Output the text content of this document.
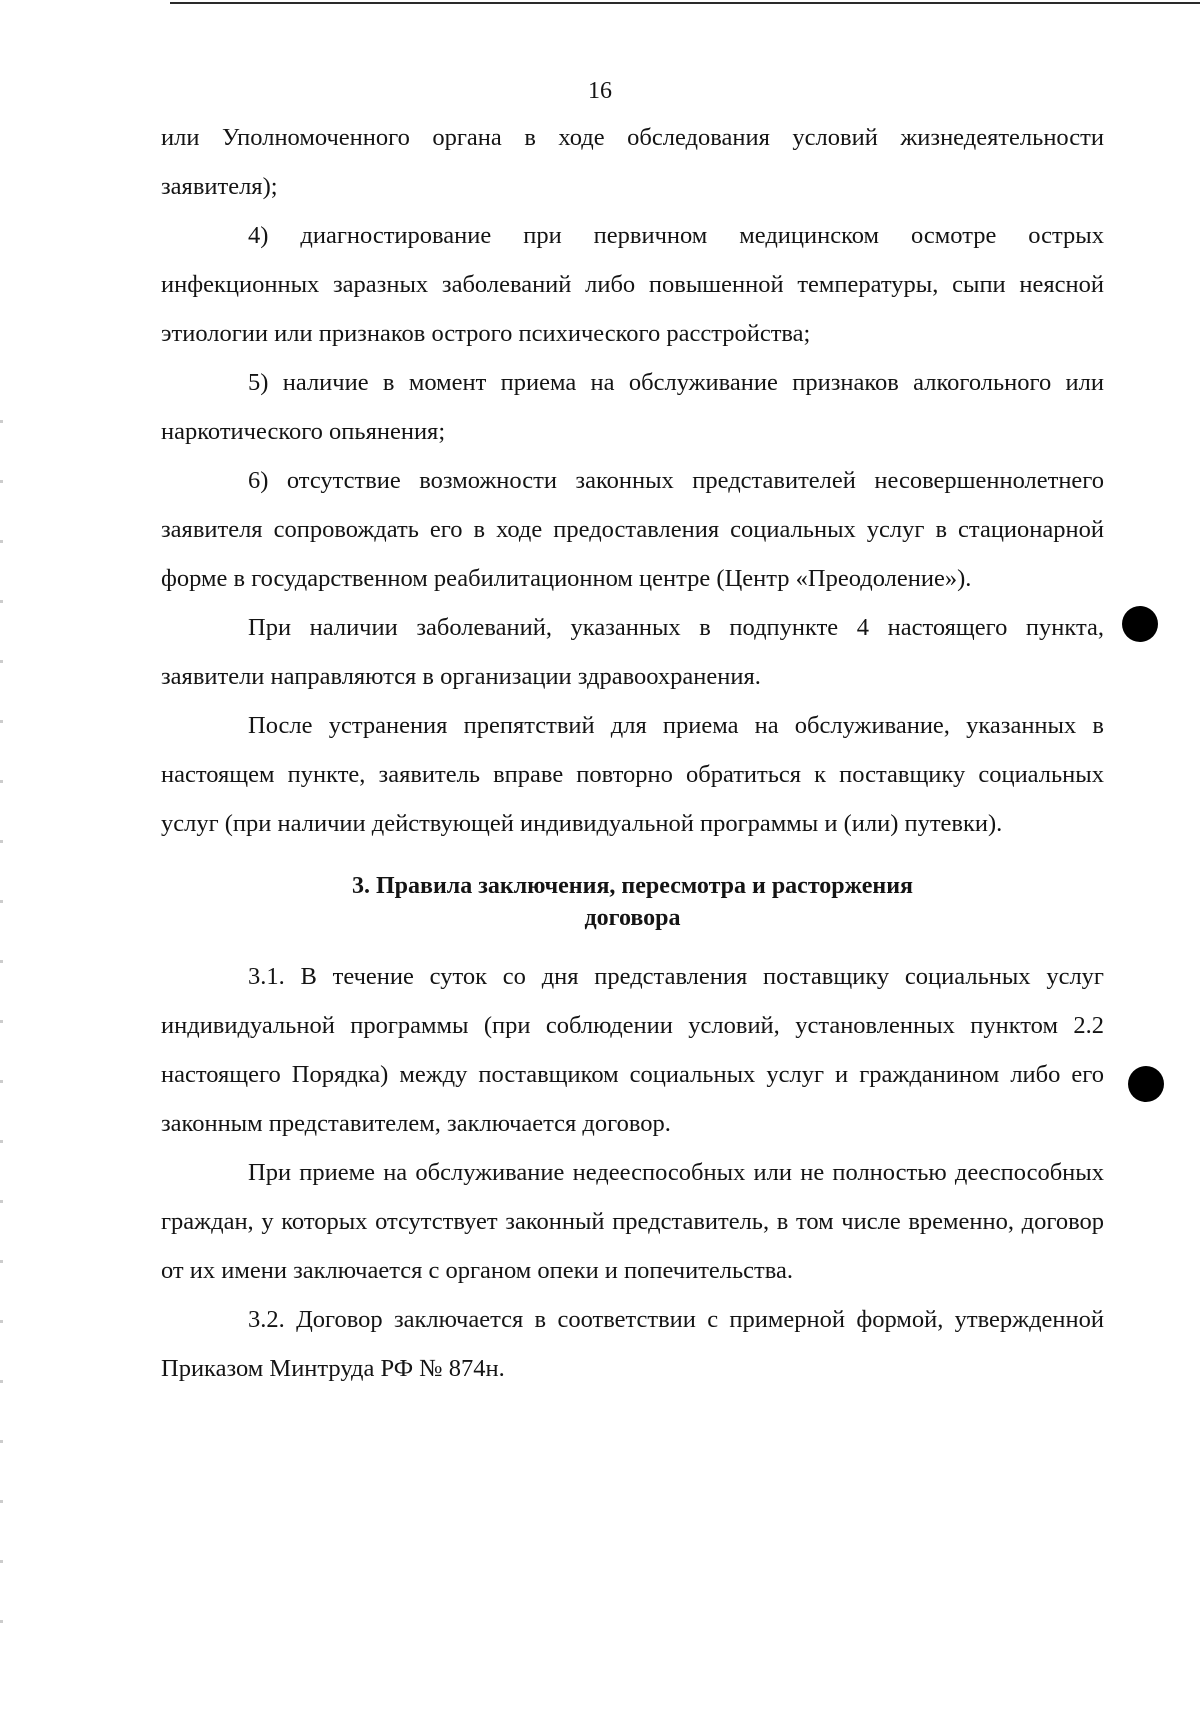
16

или Уполномоченного органа в ходе обследования условий жизнедеятельности заявителя);

4) диагностирование при первичном медицинском осмотре острых инфекционных заразных заболеваний либо повышенной температуры, сыпи неясной этиологии или признаков острого психического расстройства;

5) наличие в момент приема на обслуживание признаков алкогольного или наркотического опьянения;

6) отсутствие возможности законных представителей несовершеннолетнего заявителя сопровождать его в ходе предоставления социальных услуг в стационарной форме в государственном реабилитационном центре (Центр «Преодоление»).

При наличии заболеваний, указанных в подпункте 4 настоящего пункта, заявители направляются в организации здравоохранения.

После устранения препятствий для приема на обслуживание, указанных в настоящем пункте, заявитель вправе повторно обратиться к поставщику социальных услуг (при наличии действующей индивидуальной программы и (или) путевки).

3. Правила заключения, пересмотра и расторжения
договора

3.1. В течение суток со дня представления поставщику социальных услуг индивидуальной программы (при соблюдении условий, установленных пунктом 2.2 настоящего Порядка) между поставщиком социальных услуг и гражданином либо его законным представителем, заключается договор.

При приеме на обслуживание недееспособных или не полностью дееспособных граждан, у которых отсутствует законный представитель, в том числе временно, договор от их имени заключается с органом опеки и попечительства.

3.2. Договор заключается в соответствии с примерной формой, утвержденной Приказом Минтруда РФ № 874н.
